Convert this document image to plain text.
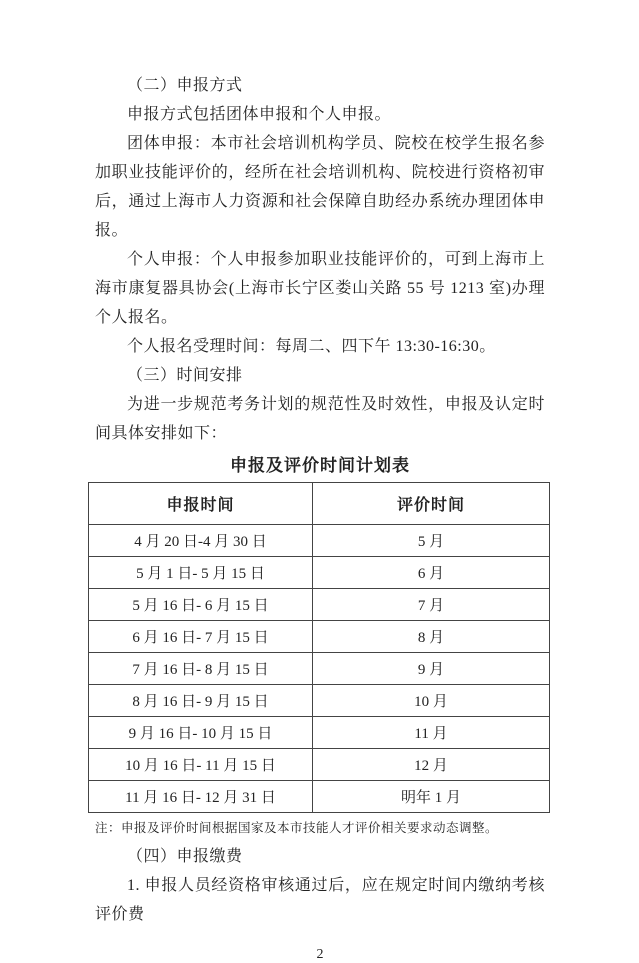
（二）申报方式

申报方式包括团体申报和个人申报。

团体申报：本市社会培训机构学员、院校在校学生报名参加职业技能评价的，经所在社会培训机构、院校进行资格初审后，通过上海市人力资源和社会保障自助经办系统办理团体申报。

个人申报：个人申报参加职业技能评价的，可到上海市上海市康复器具协会(上海市长宁区娄山关路 55 号 1213 室)办理个人报名。

个人报名受理时间：每周二、四下午 13:30-16:30。

（三）时间安排

为进一步规范考务计划的规范性及时效性，申报及认定时间具体安排如下：

申报及评价时间计划表
申报时间	评价时间
4 月 20 日-4 月 30 日	5 月
5 月 1 日- 5 月 15 日	6 月
5 月 16 日- 6 月 15 日	7 月
6 月 16 日- 7 月 15 日	8 月
7 月 16 日- 8 月 15 日	9 月
8 月 16 日- 9 月 15 日	10 月
9 月 16 日- 10 月 15 日	11 月
10 月 16 日- 11 月 15 日	12 月
11 月 16 日- 12 月 31 日	明年 1 月

注：申报及评价时间根据国家及本市技能人才评价相关要求动态调整。

（四）申报缴费

1. 申报人员经资格审核通过后，应在规定时间内缴纳考核评价费

2
